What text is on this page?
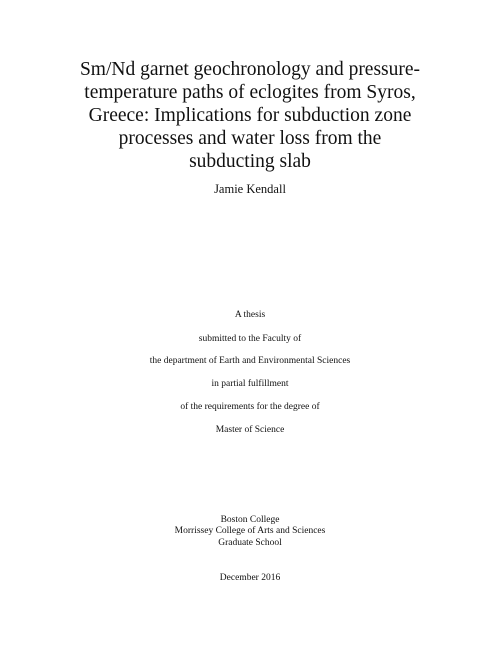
Sm/Nd garnet geochronology and pressure-
temperature paths of eclogites from Syros,
Greece: Implications for subduction zone
processes and water loss from the
subducting slab
Jamie Kendall
A thesis
submitted to the Faculty of
the department of Earth and Environmental Sciences
in partial fulfillment
of the requirements for the degree of
Master of Science
Boston College
Morrissey College of Arts and Sciences
Graduate School
December 2016
